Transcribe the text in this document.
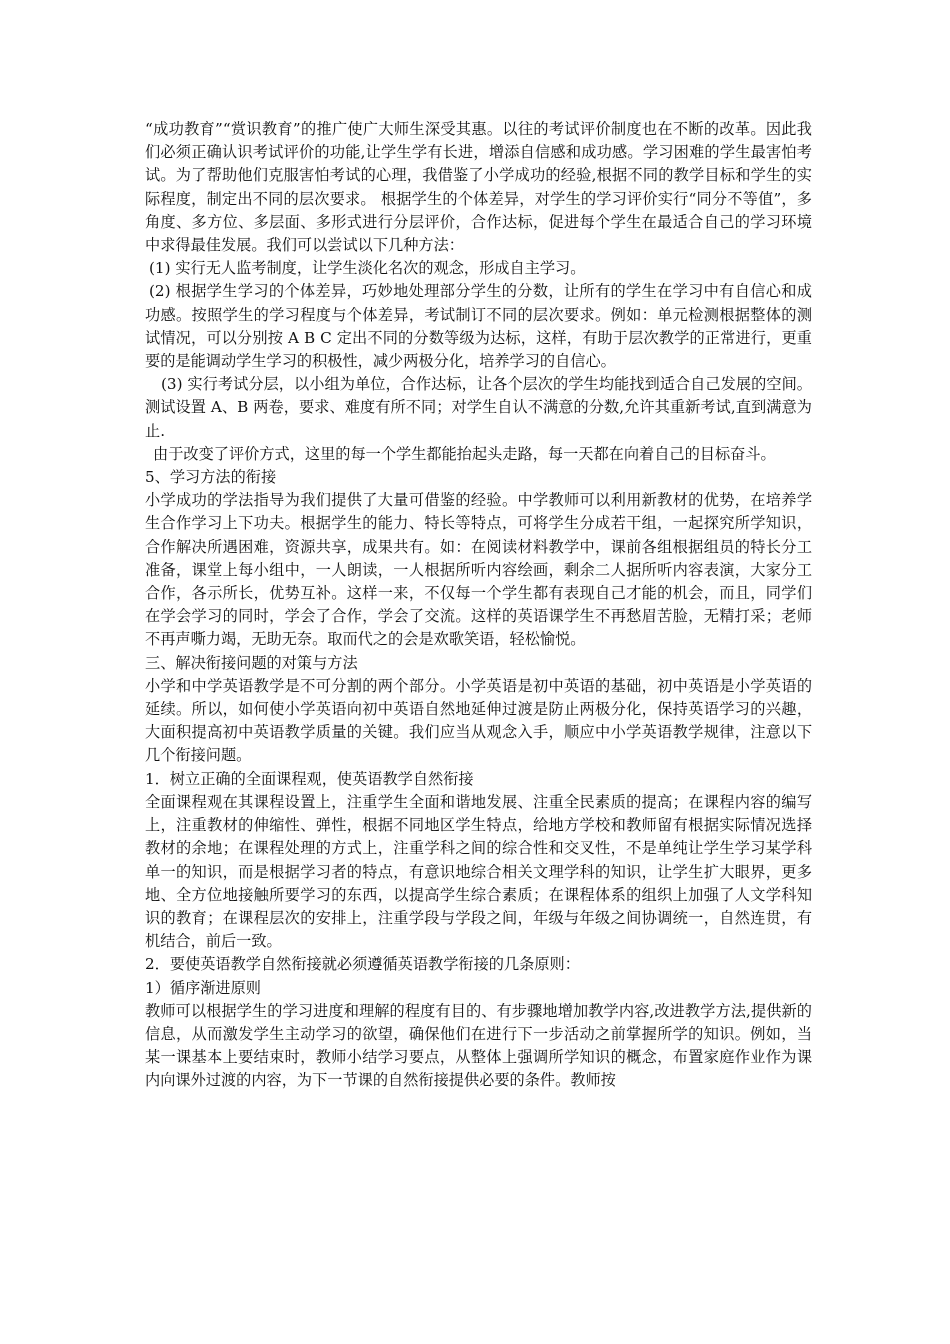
“成功教育”“赏识教育”的推广使广大师生深受其惠。以往的考试评价制度也在不断的改革。因此我们必须正确认识考试评价的功能,让学生学有长进，增添自信感和成功感。学习困难的学生最害怕考试。为了帮助他们克服害怕考试的心理，我借鉴了小学成功的经验,根据不同的教学目标和学生的实际程度，制定出不同的层次要求。 根据学生的个体差异，对学生的学习评价实行“同分不等值”，多角度、多方位、多层面、多形式进行分层评价，合作达标，促进每个学生在最适合自己的学习环境中求得最佳发展。我们可以尝试以下几种方法：

(1) 实行无人监考制度，让学生淡化名次的观念，形成自主学习。

(2) 根据学生学习的个体差异，巧妙地处理部分学生的分数，让所有的学生在学习中有自信心和成功感。按照学生的学习程度与个体差异，考试制订不同的层次要求。例如：单元检测根据整体的测试情况，可以分别按 A B C 定出不同的分数等级为达标，这样，有助于层次教学的正常进行，更重要的是能调动学生学习的积极性，减少两极分化，培养学习的自信心。

(3) 实行考试分层，以小组为单位，合作达标，让各个层次的学生均能找到适合自己发展的空间。测试设置 A、B 两卷，要求、难度有所不同；对学生自认不满意的分数,允许其重新考试,直到满意为止.

由于改变了评价方式，这里的每一个学生都能抬起头走路，每一天都在向着自己的目标奋斗。

5、学习方法的衔接

小学成功的学法指导为我们提供了大量可借鉴的经验。中学教师可以利用新教材的优势，在培养学生合作学习上下功夫。根据学生的能力、特长等特点，可将学生分成若干组，一起探究所学知识，合作解决所遇困难，资源共享，成果共有。如：在阅读材料教学中，课前各组根据组员的特长分工准备，课堂上每小组中，一人朗读，一人根据所听内容绘画，剩余二人据所听内容表演，大家分工合作，各示所长，优势互补。这样一来，不仅每一个学生都有表现自己才能的机会，而且，同学们在学会学习的同时，学会了合作，学会了交流。这样的英语课学生不再愁眉苦脸，无精打采；老师不再声嘶力竭，无助无奈。取而代之的会是欢歌笑语，轻松愉悦。

三、解决衔接问题的对策与方法

小学和中学英语教学是不可分割的两个部分。小学英语是初中英语的基础，初中英语是小学英语的延续。所以，如何使小学英语向初中英语自然地延伸过渡是防止两极分化，保持英语学习的兴趣，大面积提高初中英语教学质量的关键。我们应当从观念入手，顺应中小学英语教学规律，注意以下几个衔接问题。

1．树立正确的全面课程观，使英语教学自然衔接

全面课程观在其课程设置上，注重学生全面和谐地发展、注重全民素质的提高；在课程内容的编写上，注重教材的伸缩性、弹性，根据不同地区学生特点，给地方学校和教师留有根据实际情况选择教材的余地；在课程处理的方式上，注重学科之间的综合性和交叉性，不是单纯让学生学习某学科单一的知识，而是根据学习者的特点，有意识地综合相关文理学科的知识，让学生扩大眼界，更多地、全方位地接触所要学习的东西，以提高学生综合素质；在课程体系的组织上加强了人文学科知识的教育；在课程层次的安排上，注重学段与学段之间，年级与年级之间协调统一，自然连贯，有机结合，前后一致。

2．要使英语教学自然衔接就必须遵循英语教学衔接的几条原则：

1）循序渐进原则

教师可以根据学生的学习进度和理解的程度有目的、有步骤地增加教学内容,改进教学方法,提供新的信息，从而激发学生主动学习的欲望，确保他们在进行下一步活动之前掌握所学的知识。例如，当某一课基本上要结束时，教师小结学习要点，从整体上强调所学知识的概念，布置家庭作业作为课内向课外过渡的内容，为下一节课的自然衔接提供必要的条件。教师按
